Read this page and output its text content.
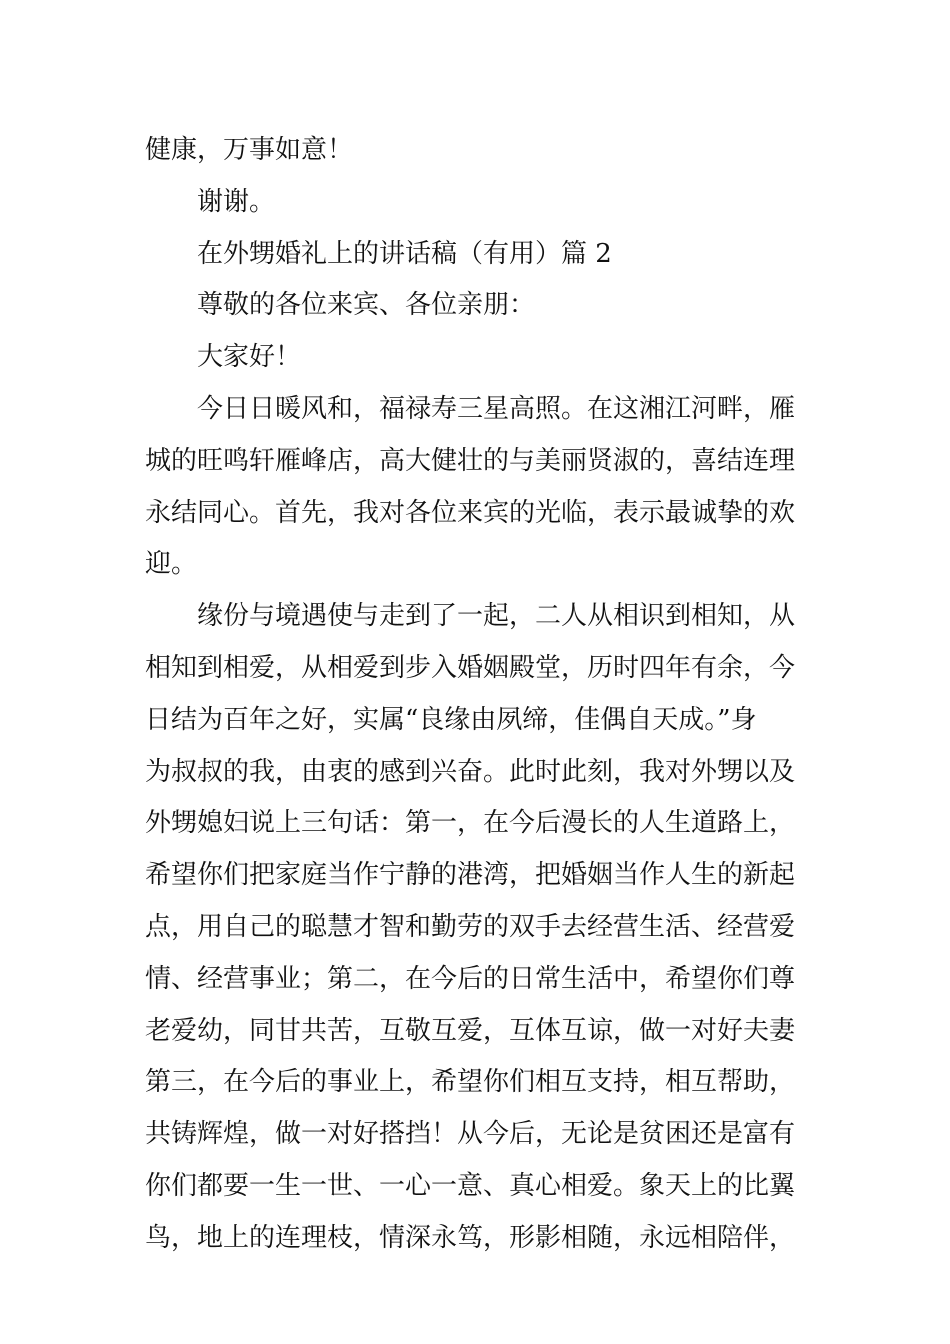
健康，万事如意！
谢谢。
在外甥婚礼上的讲话稿（有用）篇 2
尊敬的各位来宾、各位亲朋：
大家好！
今日日暖风和，福禄寿三星高照。在这湘江河畔，雁
城的旺鸣轩雁峰店，高大健壮的与美丽贤淑的，喜结连理
永结同心。首先，我对各位来宾的光临，表示最诚挚的欢
迎。
缘份与境遇使与走到了一起，二人从相识到相知，从
相知到相爱，从相爱到步入婚姻殿堂，历时四年有余，今
日结为百年之好，实属“良缘由夙缔，佳偶自天成。”身
为叔叔的我，由衷的感到兴奋。此时此刻，我对外甥以及
外甥媳妇说上三句话：第一，在今后漫长的人生道路上，
希望你们把家庭当作宁静的港湾，把婚姻当作人生的新起
点，用自己的聪慧才智和勤劳的双手去经营生活、经营爱
情、经营事业；第二，在今后的日常生活中，希望你们尊
老爱幼，同甘共苦，互敬互爱，互体互谅，做一对好夫妻
第三，在今后的事业上，希望你们相互支持，相互帮助，
共铸辉煌，做一对好搭挡！从今后，无论是贫困还是富有
你们都要一生一世、一心一意、真心相爱。象天上的比翼
鸟，地上的连理枝，情深永笃，形影相随，永远相陪伴，
